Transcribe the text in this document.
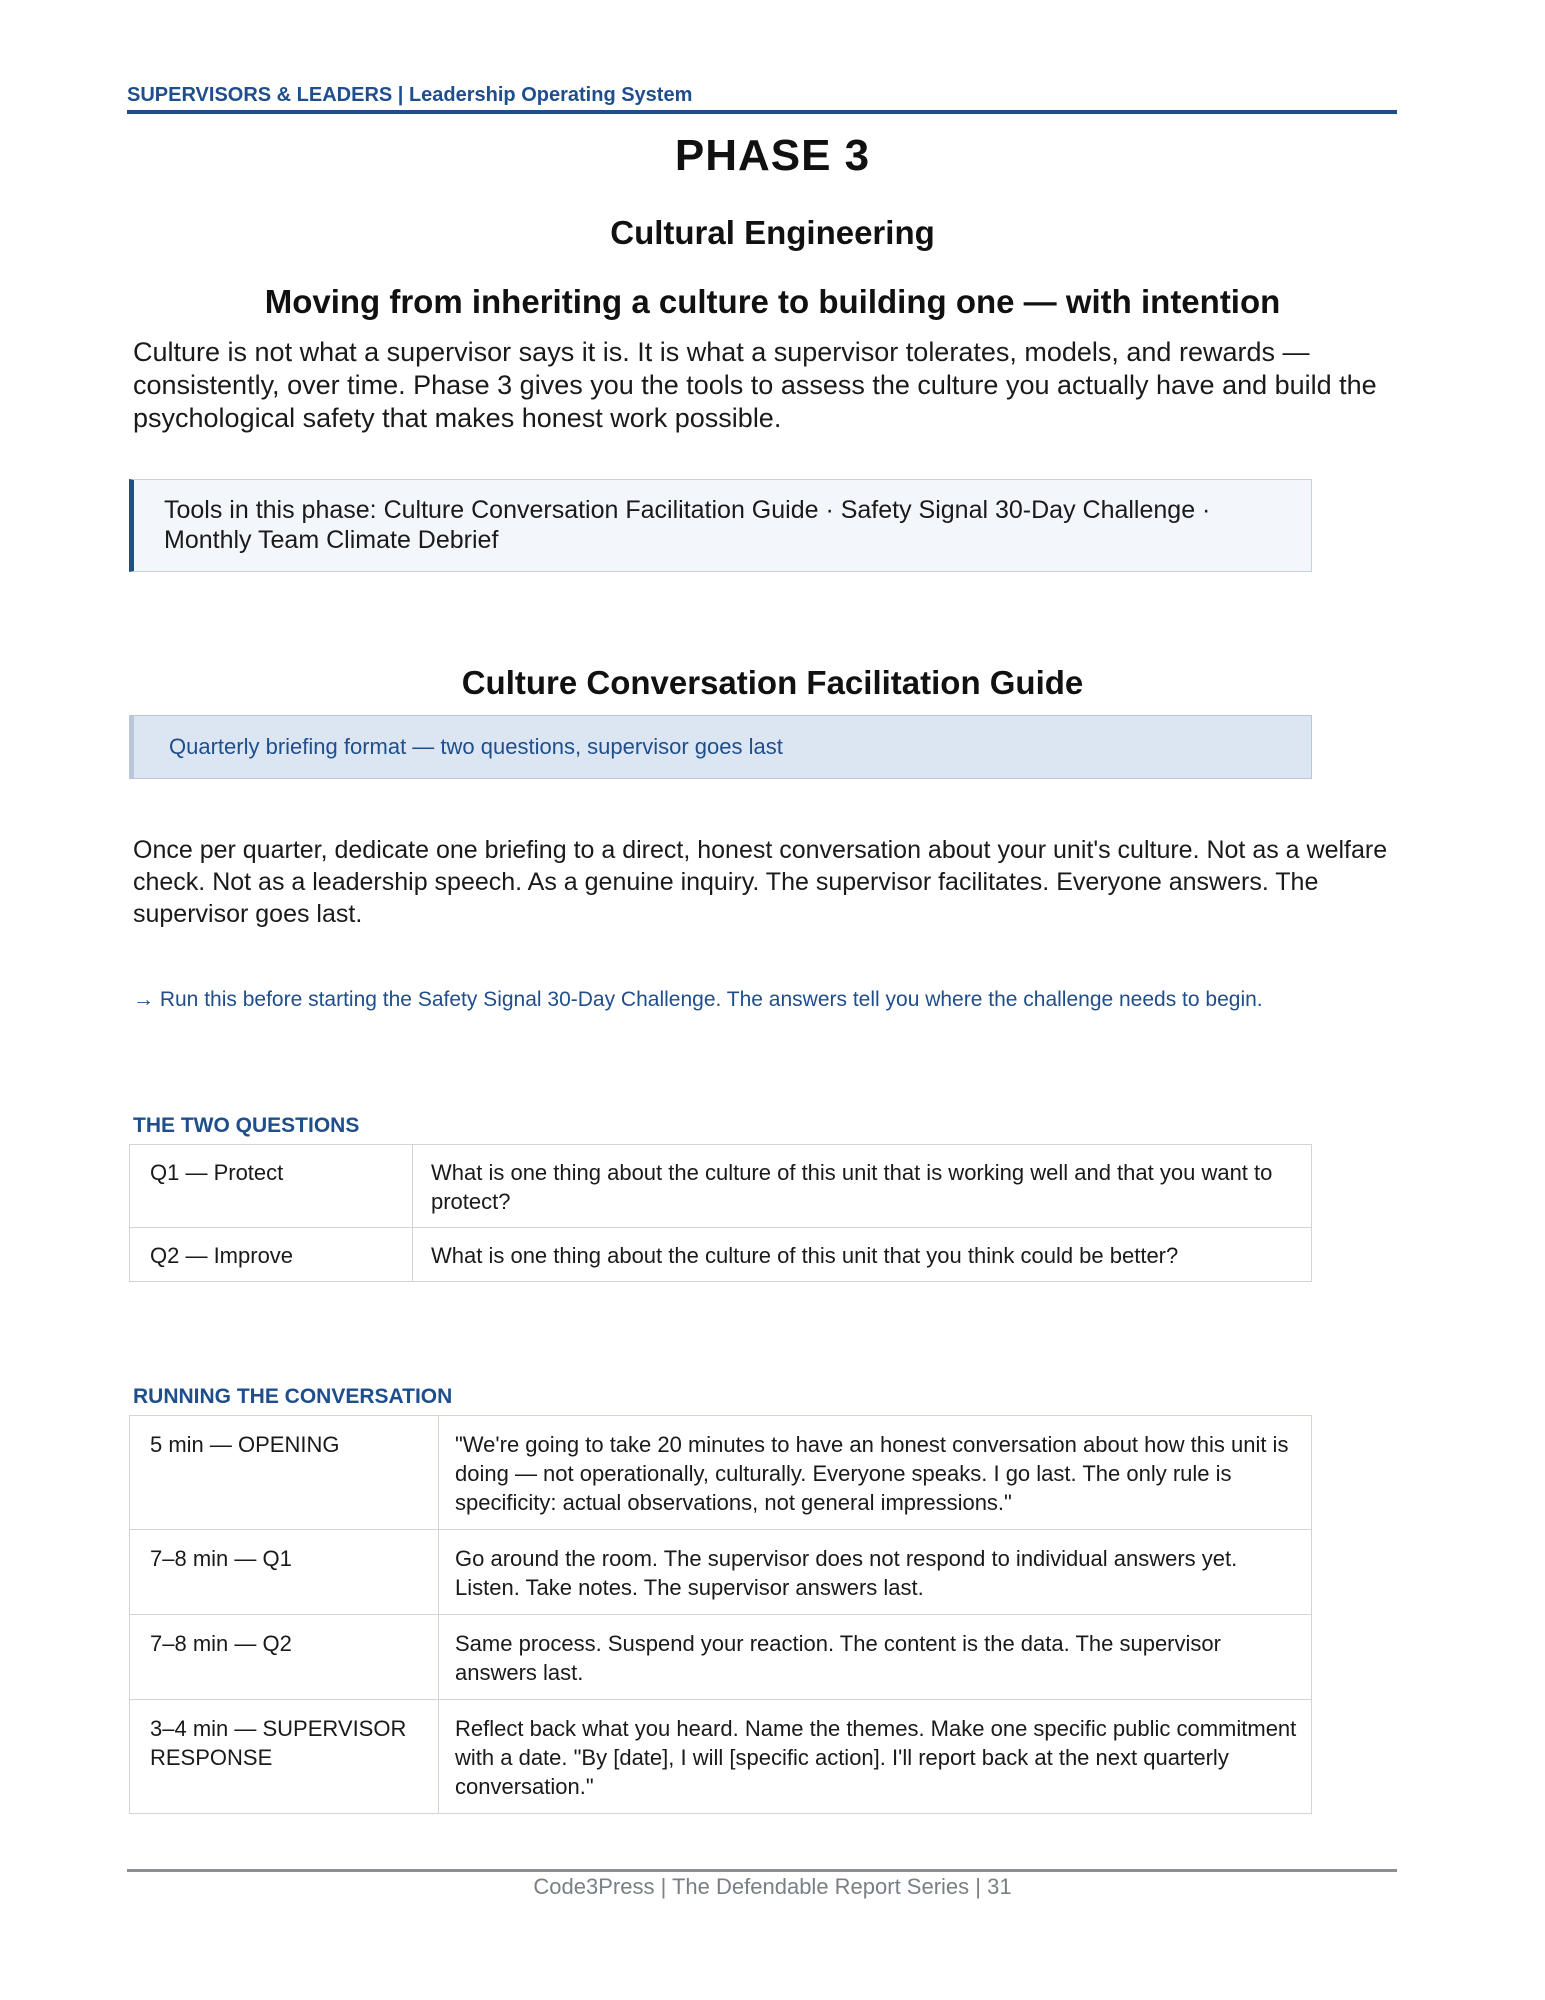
SUPERVISORS & LEADERS | Leadership Operating System
PHASE 3
Cultural Engineering
Moving from inheriting a culture to building one — with intention
Culture is not what a supervisor says it is. It is what a supervisor tolerates, models, and rewards — consistently, over time. Phase 3 gives you the tools to assess the culture you actually have and build the psychological safety that makes honest work possible.
Tools in this phase: Culture Conversation Facilitation Guide · Safety Signal 30-Day Challenge · Monthly Team Climate Debrief
Culture Conversation Facilitation Guide
Quarterly briefing format — two questions, supervisor goes last
Once per quarter, dedicate one briefing to a direct, honest conversation about your unit's culture. Not as a welfare check. Not as a leadership speech. As a genuine inquiry. The supervisor facilitates. Everyone answers. The supervisor goes last.
→ Run this before starting the Safety Signal 30-Day Challenge. The answers tell you where the challenge needs to begin.
THE TWO QUESTIONS
Q1 — Protect	What is one thing about the culture of this unit that is working well and that you want to protect?
Q2 — Improve	What is one thing about the culture of this unit that you think could be better?
RUNNING THE CONVERSATION
5 min — OPENING	"We're going to take 20 minutes to have an honest conversation about how this unit is doing — not operationally, culturally. Everyone speaks. I go last. The only rule is specificity: actual observations, not general impressions."
7–8 min — Q1	Go around the room. The supervisor does not respond to individual answers yet. Listen. Take notes. The supervisor answers last.
7–8 min — Q2	Same process. Suspend your reaction. The content is the data. The supervisor answers last.
3–4 min — SUPERVISOR RESPONSE	Reflect back what you heard. Name the themes. Make one specific public commitment with a date. "By [date], I will [specific action]. I'll report back at the next quarterly conversation."
Code3Press | The Defendable Report Series | 31
